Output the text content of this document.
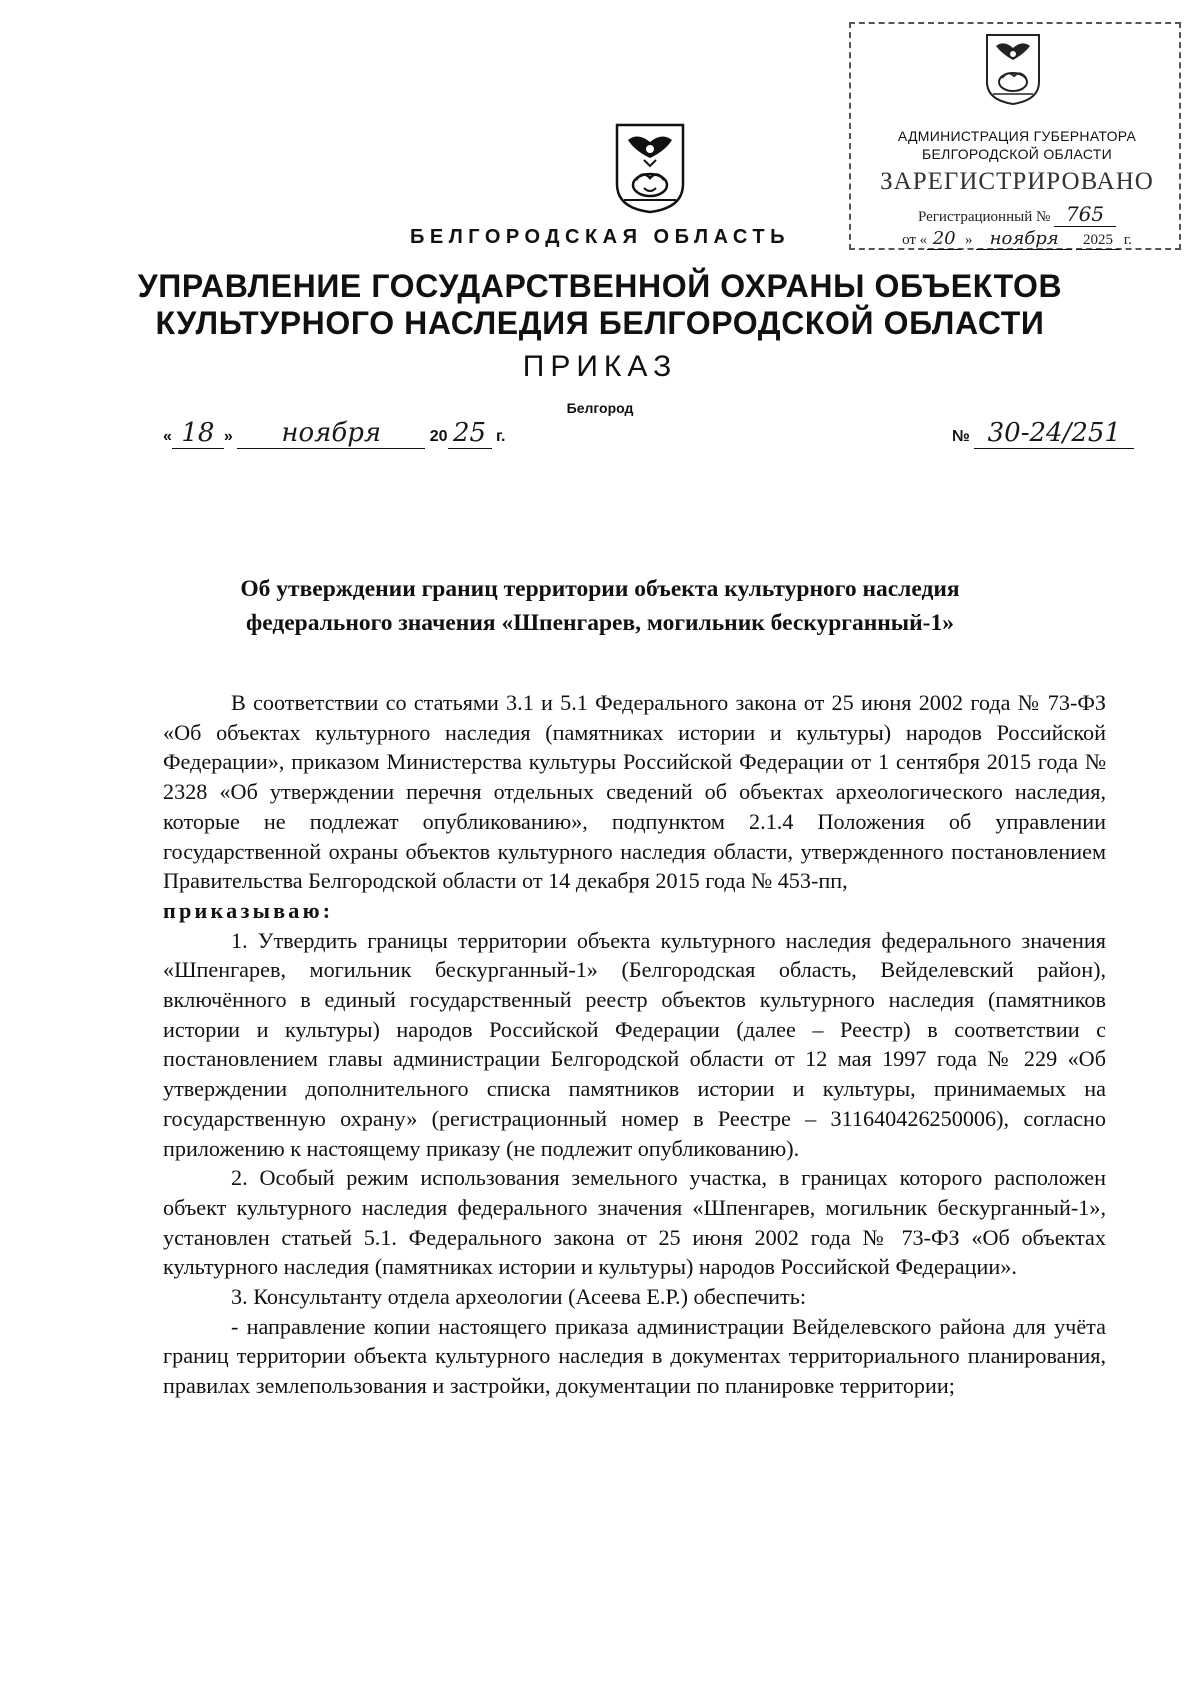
АДМИНИСТРАЦИЯ ГУБЕРНАТОРА
БЕЛГОРОДСКОЙ ОБЛАСТИ
ЗАРЕГИСТРИРОВАНО
Регистрационный № 765
от « 20 » ноября 2025 г.
БЕЛГОРОДСКАЯ ОБЛАСТЬ
УПРАВЛЕНИЕ ГОСУДАРСТВЕННОЙ ОХРАНЫ ОБЪЕКТОВ
КУЛЬТУРНОГО НАСЛЕДИЯ БЕЛГОРОДСКОЙ ОБЛАСТИ
ПРИКАЗ
Белгород
« 18 » ноября	20 25 г.	№ 30-24/251
Об утверждении границ территории объекта культурного наследия
федерального значения «Шпенгарев, могильник бескурганный-1»

В соответствии со статьями 3.1 и 5.1 Федерального закона от 25 июня 2002 года № 73-ФЗ «Об объектах культурного наследия (памятниках истории и культуры) народов Российской Федерации», приказом Министерства культуры Российской Федерации от 1 сентября 2015 года № 2328 «Об утверждении перечня отдельных сведений об объектах археологического наследия, которые не подлежат опубликованию», подпунктом 2.1.4 Положения об управлении государственной охраны объектов культурного наследия области, утвержденного постановлением Правительства Белгородской области от 14 декабря 2015 года № 453-пп,

приказываю:

1. Утвердить границы территории объекта культурного наследия федерального значения «Шпенгарев, могильник бескурганный-1» (Белгородская область, Вейделевский район), включённого в единый государственный реестр объектов культурного наследия (памятников истории и культуры) народов Российской Федерации (далее – Реестр) в соответствии с постановлением главы администрации Белгородской области от 12 мая 1997 года № 229 «Об утверждении дополнительного списка памятников истории и культуры, принимаемых на государственную охрану» (регистрационный номер в Реестре – 311640426250006), согласно приложению к настоящему приказу (не подлежит опубликованию).

2. Особый режим использования земельного участка, в границах которого расположен объект культурного наследия федерального значения «Шпенгарев, могильник бескурганный-1», установлен статьей 5.1. Федерального закона от 25 июня 2002 года № 73-ФЗ «Об объектах культурного наследия (памятниках истории и культуры) народов Российской Федерации».

3. Консультанту отдела археологии (Асеева Е.Р.) обеспечить:

- направление копии настоящего приказа администрации Вейделевского района для учёта границ территории объекта культурного наследия в документах территориального планирования, правилах землепользования и застройки, документации по планировке территории;
